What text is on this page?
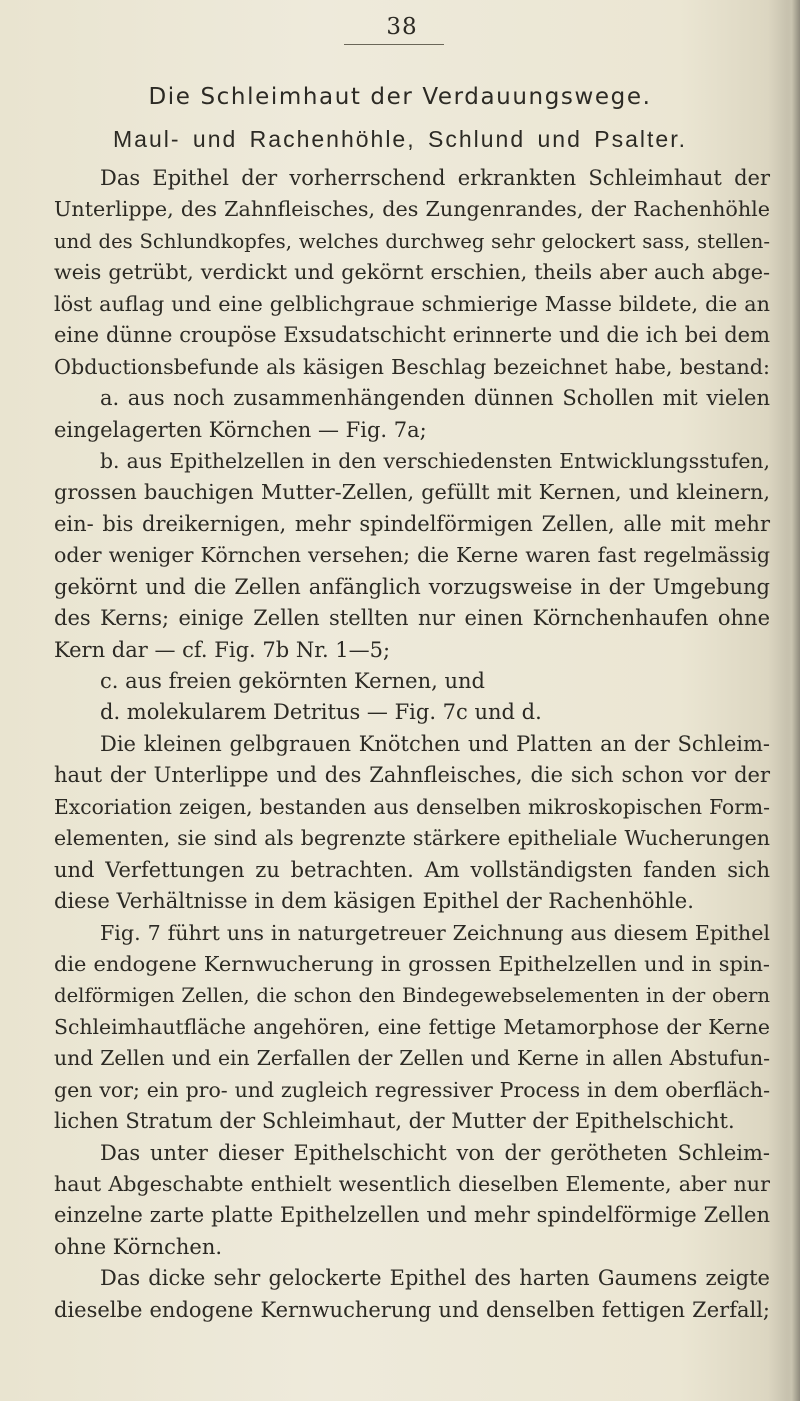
38
Die Schleimhaut der Verdauungswege.
Maul- und Rachenhöhle, Schlund und Psalter.
Das Epithel der vorherrschend erkrankten Schleimhaut der
Unterlippe, des Zahnfleisches, des Zungenrandes, der Rachenhöhle
und des Schlundkopfes, welches durchweg sehr gelockert sass, stellen-
weis getrübt, verdickt und gekörnt erschien, theils aber auch abge-
löst auflag und eine gelblichgraue schmierige Masse bildete, die an
eine dünne croupöse Exsudatschicht erinnerte und die ich bei dem
Obductionsbefunde als käsigen Beschlag bezeichnet habe, bestand:
a. aus noch zusammenhängenden dünnen Schollen mit vielen
eingelagerten Körnchen — Fig. 7a;
b. aus Epithelzellen in den verschiedensten Entwicklungsstufen,
grossen bauchigen Mutter-Zellen, gefüllt mit Kernen, und kleinern,
ein- bis dreikernigen, mehr spindelförmigen Zellen, alle mit mehr
oder weniger Körnchen versehen; die Kerne waren fast regelmässig
gekörnt und die Zellen anfänglich vorzugsweise in der Umgebung
des Kerns; einige Zellen stellten nur einen Körnchenhaufen ohne
Kern dar — cf. Fig. 7b Nr. 1—5;
c. aus freien gekörnten Kernen, und
d. molekularem Detritus — Fig. 7c und d.
Die kleinen gelbgrauen Knötchen und Platten an der Schleim-
haut der Unterlippe und des Zahnfleisches, die sich schon vor der
Excoriation zeigen, bestanden aus denselben mikroskopischen Form-
elementen, sie sind als begrenzte stärkere epitheliale Wucherungen
und Verfettungen zu betrachten. Am vollständigsten fanden sich
diese Verhältnisse in dem käsigen Epithel der Rachenhöhle.
Fig. 7 führt uns in naturgetreuer Zeichnung aus diesem Epithel
die endogene Kernwucherung in grossen Epithelzellen und in spin-
delförmigen Zellen, die schon den Bindegewebselementen in der obern
Schleimhautfläche angehören, eine fettige Metamorphose der Kerne
und Zellen und ein Zerfallen der Zellen und Kerne in allen Abstufun-
gen vor; ein pro- und zugleich regressiver Process in dem oberfläch-
lichen Stratum der Schleimhaut, der Mutter der Epithelschicht.
Das unter dieser Epithelschicht von der gerötheten Schleim-
haut Abgeschabte enthielt wesentlich dieselben Elemente, aber nur
einzelne zarte platte Epithelzellen und mehr spindelförmige Zellen
ohne Körnchen.
Das dicke sehr gelockerte Epithel des harten Gaumens zeigte
dieselbe endogene Kernwucherung und denselben fettigen Zerfall;
